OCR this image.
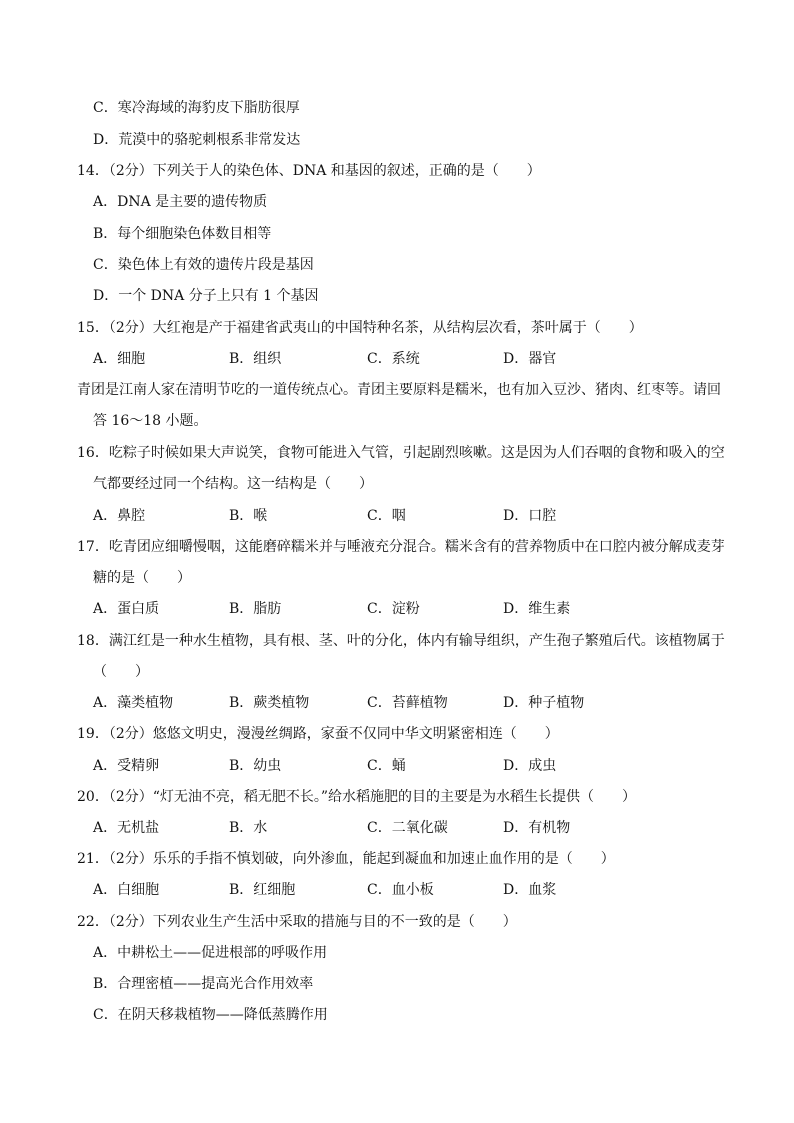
C．寒冷海域的海豹皮下脂肪很厚
D．荒漠中的骆驼刺根系非常发达
14．（2分）下列关于人的染色体、DNA 和基因的叙述，正确的是（　　）
A．DNA 是主要的遗传物质
B．每个细胞染色体数目相等
C．染色体上有效的遗传片段是基因
D．一个 DNA 分子上只有 1 个基因
15．（2分）大红袍是产于福建省武夷山的中国特种名茶，从结构层次看，茶叶属于（　　）
A．细胞	B．组织	C．系统	D．器官
青团是江南人家在清明节吃的一道传统点心。青团主要原料是糯米，也有加入豆沙、猪肉、红枣等。请回
答 16～18 小题。
16．吃粽子时候如果大声说笑，食物可能进入气管，引起剧烈咳嗽。这是因为人们吞咽的食物和吸入的空
气都要经过同一个结构。这一结构是（　　）
A．鼻腔	B．喉	C．咽	D．口腔
17．吃青团应细嚼慢咽，这能磨碎糯米并与唾液充分混合。糯米含有的营养物质中在口腔内被分解成麦芽
糖的是（　　）
A．蛋白质	B．脂肪	C．淀粉	D．维生素
18．满江红是一种水生植物，具有根、茎、叶的分化，体内有输导组织，产生孢子繁殖后代。该植物属于
（　　）
A．藻类植物	B．蕨类植物	C．苔藓植物	D．种子植物
19．（2分）悠悠文明史，漫漫丝绸路，家蚕不仅同中华文明紧密相连（　　）
A．受精卵	B．幼虫	C．蛹	D．成虫
20．（2分）“灯无油不亮，稻无肥不长。”给水稻施肥的目的主要是为水稻生长提供（　　）
A．无机盐	B．水	C．二氧化碳	D．有机物
21．（2分）乐乐的手指不慎划破，向外渗血，能起到凝血和加速止血作用的是（　　）
A．白细胞	B．红细胞	C．血小板	D．血浆
22．（2分）下列农业生产生活中采取的措施与目的不一致的是（　　）
A．中耕松土——促进根部的呼吸作用
B．合理密植——提高光合作用效率
C．在阴天移栽植物——降低蒸腾作用
